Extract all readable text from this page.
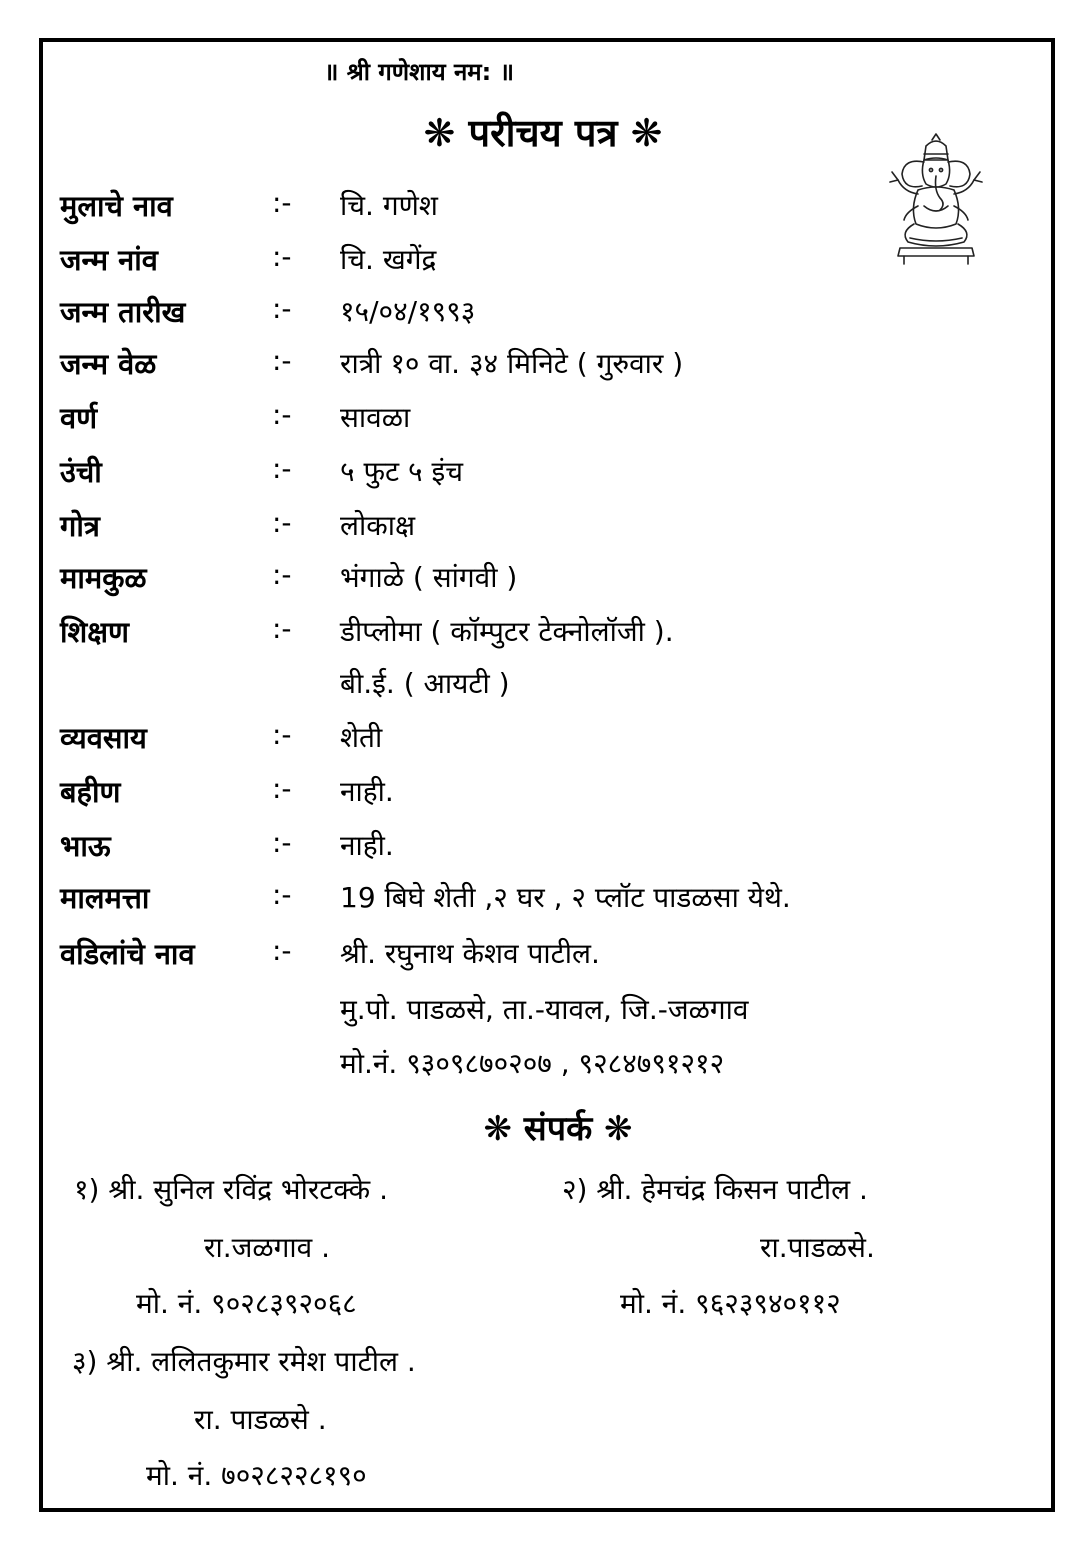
॥ श्री गणेशाय नम: ॥
❋ परीचय पत्र ❋
मुलाचे नाव	:- चि. गणेश
जन्म नांव	:- चि. खगेंद्र
जन्म तारीख	:- १५/०४/१९९३
जन्म वेळ	:- रात्री १० वा. ३४ मिनिटे ( गुरुवार )
वर्ण	:- सावळा
उंची	:- ५ फुट ५ इंच
गोत्र	:- लोकाक्ष
मामकुळ	:- भंगाळे ( सांगवी )
शिक्षण	:- डीप्लोमा ( कॉम्पुटर टेक्नोलॉजी ).
बी.ई. ( आयटी )
व्यवसाय	:- शेती
बहीण	:- नाही.
भाऊ	:- नाही.
मालमत्ता	:- 19 बिघे शेती ,२ घर , २ प्लॉट पाडळसा येथे.
वडिलांचे नाव	:- श्री. रघुनाथ केशव पाटील.
मु.पो. पाडळसे, ता.-यावल, जि.-जळगाव
मो.नं. ९३०९८७०२०७ , ९२८४७९१२१२
❋ संपर्क ❋
१) श्री. सुनिल रविंद्र भोरटक्के .
रा.जळगाव .
मो. नं. ९०२८३९२०६८
२) श्री. हेमचंद्र किसन पाटील .
रा.पाडळसे.
मो. नं. ९६२३९४०११२
३) श्री. ललितकुमार रमेश पाटील .
रा. पाडळसे .
मो. नं. ७०२८२२८१९०
